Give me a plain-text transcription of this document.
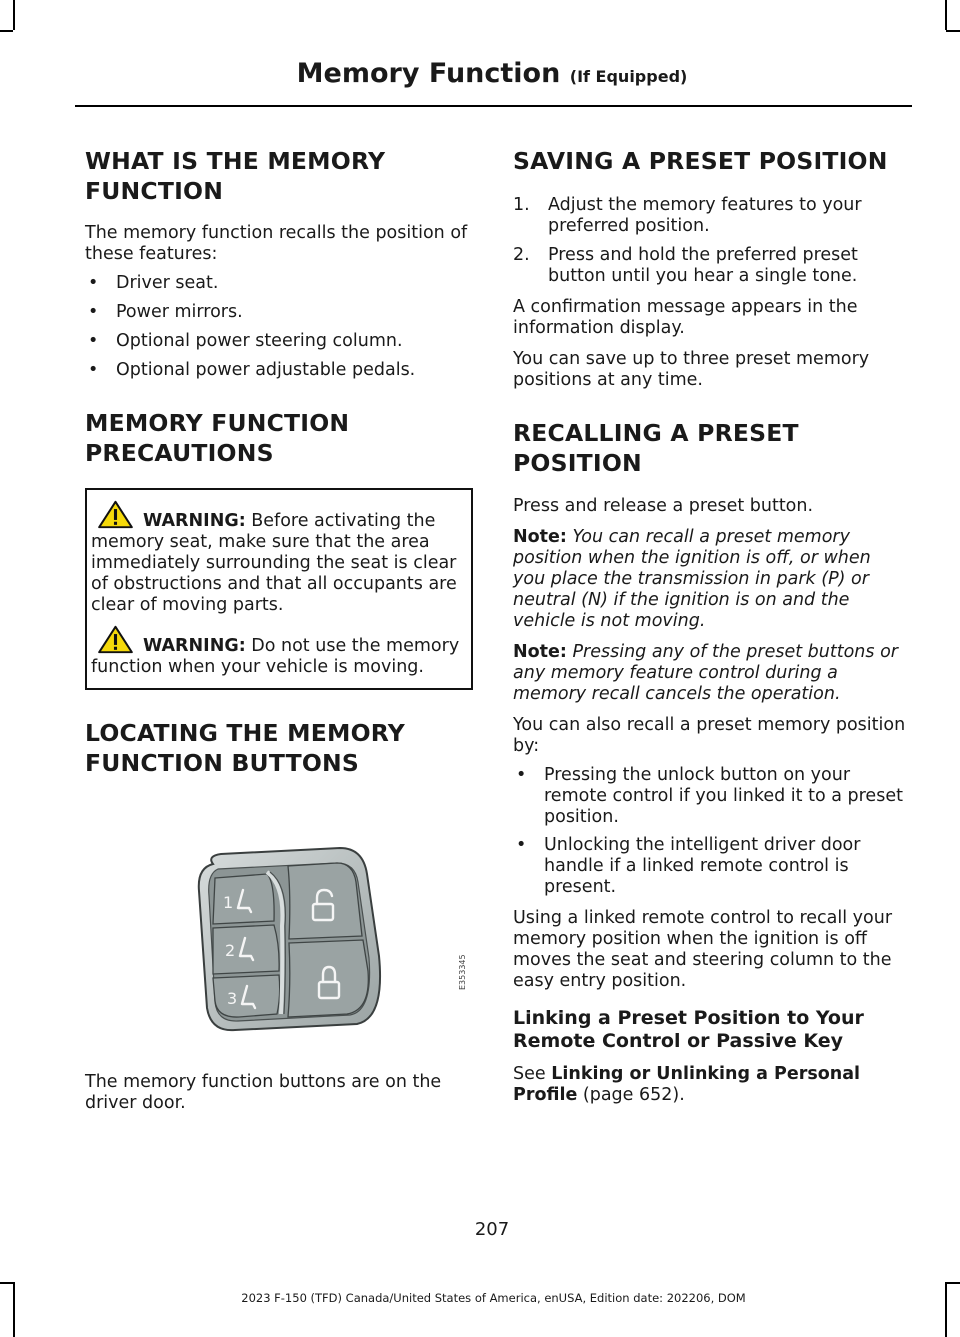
Memory Function (If Equipped)
WHAT IS THE MEMORY
FUNCTION

The memory function recalls the position of these features:

• Driver seat.
• Power mirrors.
• Optional power steering column.
• Optional power adjustable pedals.
MEMORY FUNCTION
PRECAUTIONS

WARNING: Before activating the memory seat, make sure that the area immediately surrounding the seat is clear of obstructions and that all occupants are clear of moving parts.

WARNING: Do not use the memory function when your vehicle is moving.

LOCATING THE MEMORY
FUNCTION BUTTONS
1
2
3
E353345

The memory function buttons are on the driver door.

SAVING A PRESET POSITION
1. Adjust the memory features to your preferred position.
2. Press and hold the preferred preset button until you hear a single tone.

A confirmation message appears in the information display.

You can save up to three preset memory positions at any time.

RECALLING A PRESET
POSITION

Press and release a preset button.

Note: You can recall a preset memory position when the ignition is off, or when you place the transmission in park (P) or neutral (N) if the ignition is on and the vehicle is not moving.

Note: Pressing any of the preset buttons or any memory feature control during a memory recall cancels the operation.

You can also recall a preset memory position by:

• Pressing the unlock button on your remote control if you linked it to a preset position.
• Unlocking the intelligent driver door handle if a linked remote control is present.

Using a linked remote control to recall your memory position when the ignition is off moves the seat and steering column to the easy entry position.

Linking a Preset Position to Your Remote Control or Passive Key

See Linking or Unlinking a Personal Profile (page 652).

207
2023 F-150 (TFD) Canada/United States of America, enUSA, Edition date: 202206, DOM
